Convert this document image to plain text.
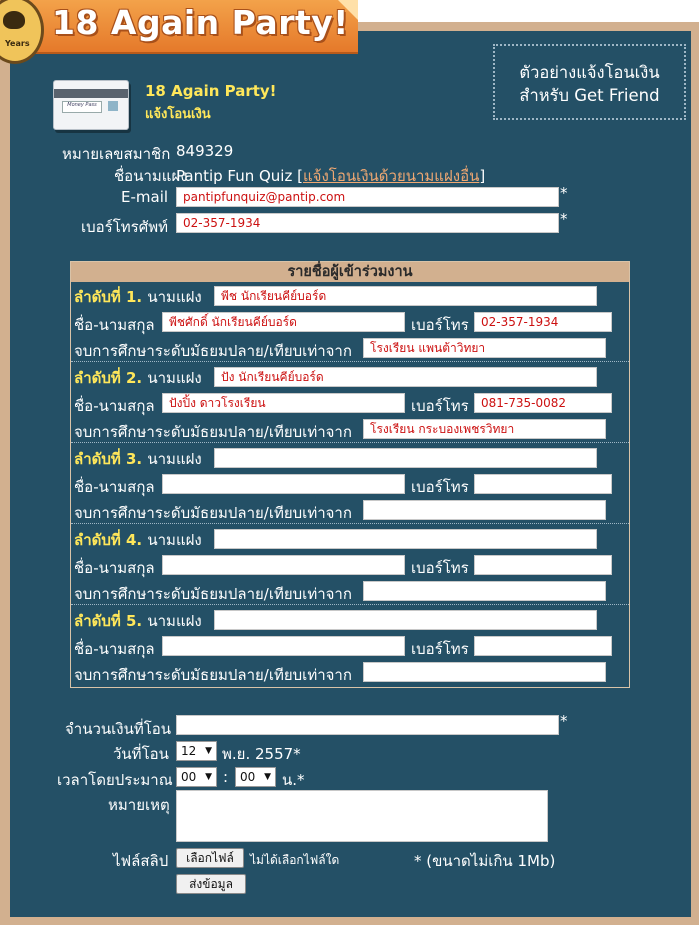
Years
18 Again Party!
ตัวอย่างแจ้งโอนเงิน
สำหรับ Get Friend
Money Pass
18 Again Party!
แจ้งโอนเงิน
หมายเลขสมาชิก 849329
ชื่อนามแฝง
Pantip Fun Quiz [แจ้งโอนเงินด้วยนามแฝงอื่น]
E-mail	pantipfunquiz@pantip.com	*
เบอร์โทรศัพท์	02-357-1934	*
รายชื่อผู้เข้าร่วมงาน
ลำดับที่ 1. นามแฝง	พีช นักเรียนคีย์บอร์ด
ชื่อ-นามสกุล	พีชศักดิ์ นักเรียนคีย์บอร์ด	เบอร์โทร	02-357-1934
จบการศึกษาระดับมัธยมปลาย/เทียบเท่าจาก	โรงเรียน แพนต้าวิทยา
ลำดับที่ 2. นามแฝง	ปัง นักเรียนคีย์บอร์ด
ชื่อ-นามสกุล	ปังปิ้ง ดาวโรงเรียน	เบอร์โทร	081-735-0082
จบการศึกษาระดับมัธยมปลาย/เทียบเท่าจาก	โรงเรียน กระบองเพชรวิทยา
ลำดับที่ 3. นามแฝง
ชื่อ-นามสกุล	เบอร์โทร
จบการศึกษาระดับมัธยมปลาย/เทียบเท่าจาก
ลำดับที่ 4. นามแฝง
ชื่อ-นามสกุล	เบอร์โทร
จบการศึกษาระดับมัธยมปลาย/เทียบเท่าจาก
ลำดับที่ 5. นามแฝง
ชื่อ-นามสกุล	เบอร์โทร
จบการศึกษาระดับมัธยมปลาย/เทียบเท่าจาก
จำนวนเงินที่โอน	*
วันที่โอน	12 ▼ พ.ย. 2557*
เวลาโดยประมาณ 00 ▼ : 00 ▼ น.*
หมายเหตุ
ไฟล์สลิป	เลือกไฟล์	ไม่ได้เลือกไฟล์ใด	* (ขนาดไม่เกิน 1Mb)
ส่งข้อมูล
